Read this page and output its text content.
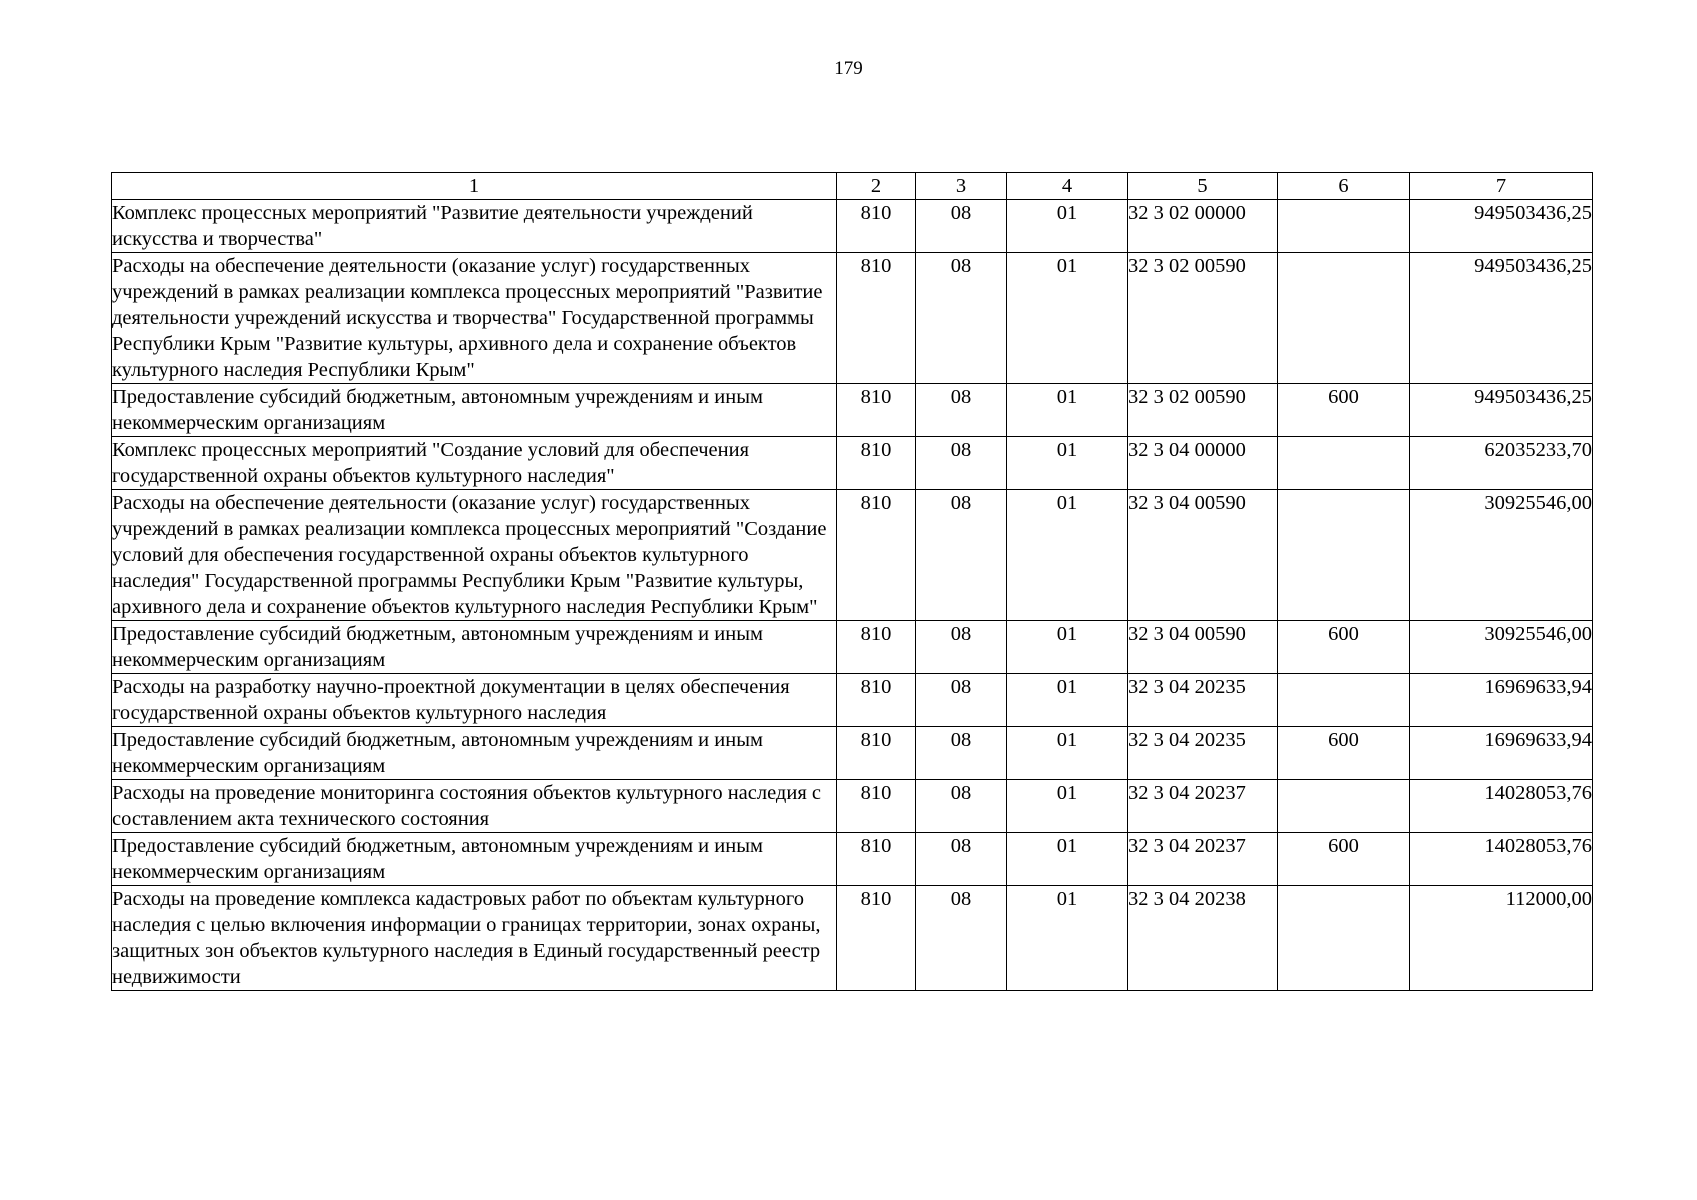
179
1	2	3	4	5	6	7
Комплекс процессных мероприятий "Развитие деятельности учреждений искусства и творчества"	810	08	01	32 3 02 00000		949503436,25
Расходы на обеспечение деятельности (оказание услуг) государственных учреждений в рамках реализации комплекса процессных мероприятий "Развитие деятельности учреждений искусства и творчества" Государственной программы Республики Крым "Развитие культуры, архивного дела и сохранение объектов культурного наследия Республики Крым"	810	08	01	32 3 02 00590		949503436,25
Предоставление субсидий бюджетным, автономным учреждениям и иным некоммерческим организациям	810	08	01	32 3 02 00590	600	949503436,25
Комплекс процессных мероприятий "Создание условий для обеспечения государственной охраны объектов культурного наследия"	810	08	01	32 3 04 00000		62035233,70
Расходы на обеспечение деятельности (оказание услуг) государственных учреждений в рамках реализации комплекса процессных мероприятий "Создание условий для обеспечения государственной охраны объектов культурного наследия" Государственной программы Республики Крым "Развитие культуры, архивного дела и сохранение объектов культурного наследия Республики Крым"	810	08	01	32 3 04 00590		30925546,00
Предоставление субсидий бюджетным, автономным учреждениям и иным некоммерческим организациям	810	08	01	32 3 04 00590	600	30925546,00
Расходы на разработку научно-проектной документации в целях обеспечения государственной охраны объектов культурного наследия	810	08	01	32 3 04 20235		16969633,94
Предоставление субсидий бюджетным, автономным учреждениям и иным некоммерческим организациям	810	08	01	32 3 04 20235	600	16969633,94
Расходы на проведение мониторинга состояния объектов культурного наследия с составлением акта технического состояния	810	08	01	32 3 04 20237		14028053,76
Предоставление субсидий бюджетным, автономным учреждениям и иным некоммерческим организациям	810	08	01	32 3 04 20237	600	14028053,76
Расходы на проведение комплекса кадастровых работ по объектам культурного наследия с целью включения информации о границах территории, зонах охраны, защитных зон объектов культурного наследия в Единый государственный реестр недвижимости	810	08	01	32 3 04 20238		112000,00
